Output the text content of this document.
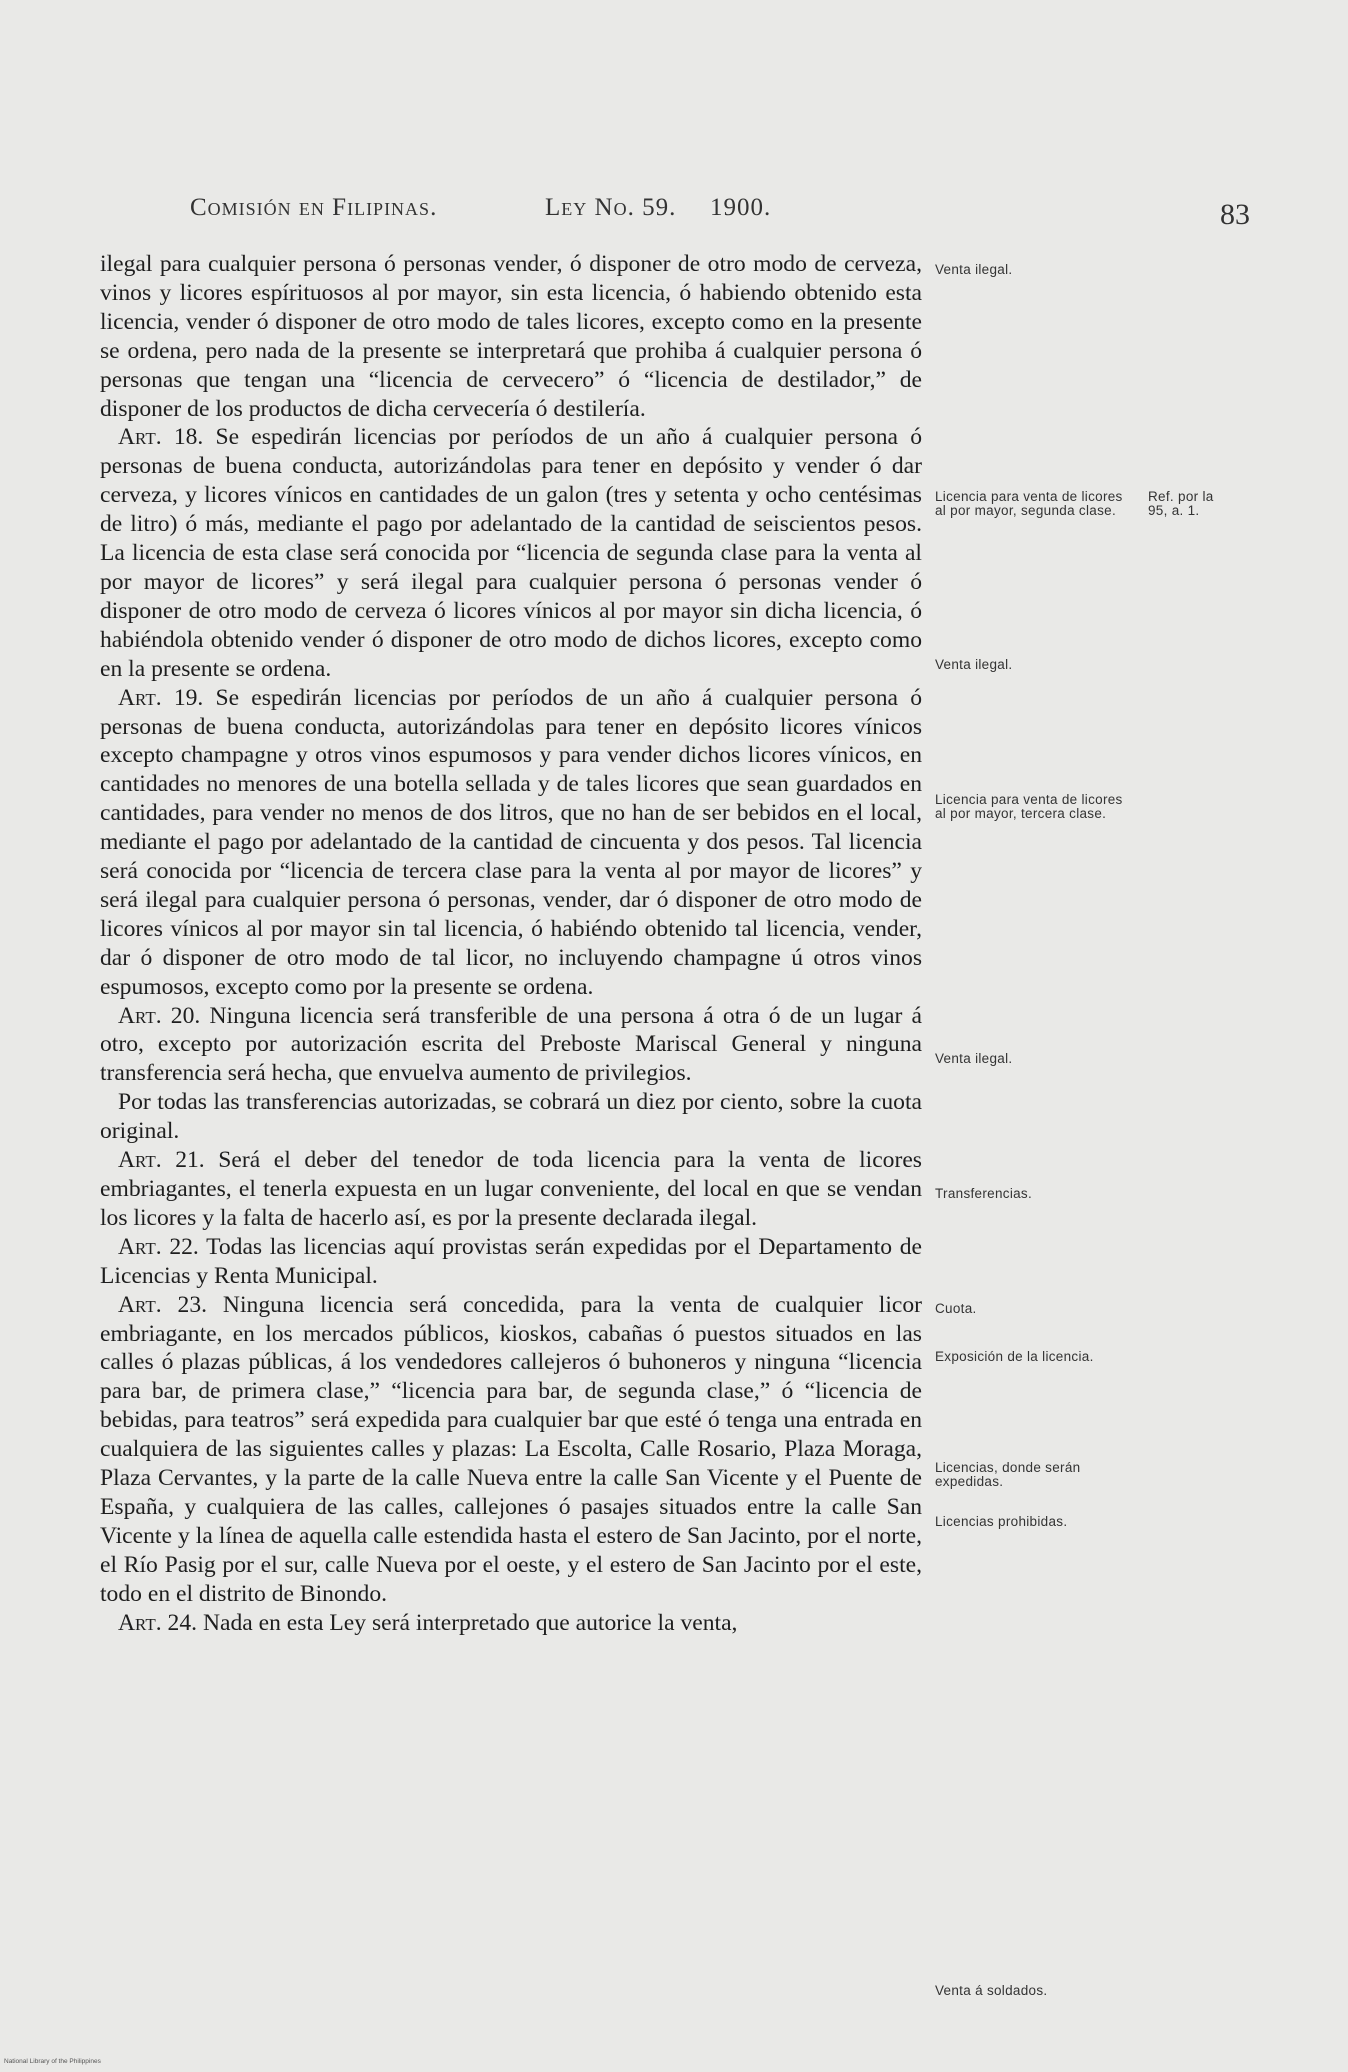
Comisión en Filipinas.	Ley No. 59. 1900.	83

ilegal para cualquier persona ó personas vender, ó disponer de otro modo de cerveza, vinos y licores espírituosos al por mayor, sin esta licencia, ó habiendo obtenido esta licencia, vender ó disponer de otro modo de tales licores, excepto como en la presente se ordena, pero nada de la presente se interpretará que prohiba á cualquier persona ó personas que tengan una “licencia de cervecero” ó “licencia de destilador,” de disponer de los productos de dicha cervecería ó destilería.

Art. 18. Se espedirán licencias por períodos de un año á cualquier persona ó personas de buena conducta, autorizándolas para tener en depósito y vender ó dar cerveza, y licores vínicos en cantidades de un galon (tres y setenta y ocho centésimas de litro) ó más, mediante el pago por adelantado de la cantidad de seiscientos pesos. La licencia de esta clase será conocida por “licencia de segunda clase para la venta al por mayor de licores” y será ilegal para cualquier persona ó personas vender ó disponer de otro modo de cerveza ó licores vínicos al por mayor sin dicha licencia, ó habiéndola obtenido vender ó disponer de otro modo de dichos licores, excepto como en la presente se ordena.

Art. 19. Se espedirán licencias por períodos de un año á cualquier persona ó personas de buena conducta, autorizándolas para tener en depósito licores vínicos excepto champagne y otros vinos espumosos y para vender dichos licores vínicos, en cantidades no menores de una botella sellada y de tales licores que sean guardados en cantidades, para vender no menos de dos litros, que no han de ser bebidos en el local, mediante el pago por adelantado de la cantidad de cincuenta y dos pesos. Tal licencia será conocida por “licencia de tercera clase para la venta al por mayor de licores” y será ilegal para cualquier persona ó personas, vender, dar ó disponer de otro modo de licores vínicos al por mayor sin tal licencia, ó habiéndo obtenido tal licencia, vender, dar ó disponer de otro modo de tal licor, no incluyendo champagne ú otros vinos espumosos, excepto como por la presente se ordena.

Art. 20. Ninguna licencia será transferible de una persona á otra ó de un lugar á otro, excepto por autorización escrita del Preboste Mariscal General y ninguna transferencia será hecha, que envuelva aumento de privilegios.

Por todas las transferencias autorizadas, se cobrará un diez por ciento, sobre la cuota original.

Art. 21. Será el deber del tenedor de toda licencia para la venta de licores embriagantes, el tenerla expuesta en un lugar conveniente, del local en que se vendan los licores y la falta de hacerlo así, es por la presente declarada ilegal.

Art. 22. Todas las licencias aquí provistas serán expedidas por el Departamento de Licencias y Renta Municipal.

Art. 23. Ninguna licencia será concedida, para la venta de cualquier licor embriagante, en los mercados públicos, kioskos, cabañas ó puestos situados en las calles ó plazas públicas, á los vendedores callejeros ó buhoneros y ninguna “licencia para bar, de primera clase,” “licencia para bar, de segunda clase,” ó “licencia de bebidas, para teatros” será expedida para cualquier bar que esté ó tenga una entrada en cualquiera de las siguientes calles y plazas: La Escolta, Calle Rosario, Plaza Moraga, Plaza Cervantes, y la parte de la calle Nueva entre la calle San Vicente y el Puente de España, y cualquiera de las calles, callejones ó pasajes situados entre la calle San Vicente y la línea de aquella calle estendida hasta el estero de San Jacinto, por el norte, el Río Pasig por el sur, calle Nueva por el oeste, y el estero de San Jacinto por el este, todo en el distrito de Binondo.

Art. 24. Nada en esta Ley será interpretado que autorice la venta,

Venta ilegal.
Licencia para venta de licores al por mayor, segunda clase.
Ref. por la 95, a. 1.
Venta ilegal.
Licencia para venta de licores al por mayor, tercera clase.
Venta ilegal.
Transferencias.
Cuota.
Exposición de la licencia.
Licencias, donde serán expedidas.
Licencias prohibidas.
Venta á soldados.
National Library of the Philippines
